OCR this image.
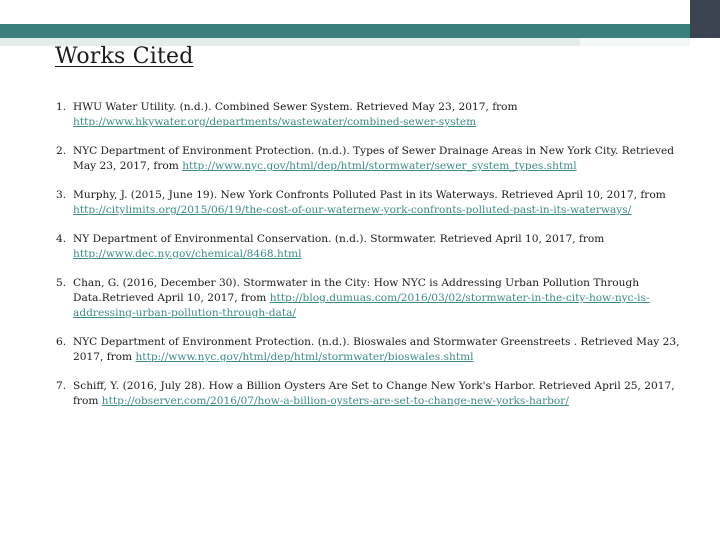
Works Cited
1. HWU Water Utility. (n.d.). Combined Sewer System. Retrieved May 23, 2017, from http://www.hkywater.org/departments/wastewater/combined-sewer-system
2. NYC Department of Environment Protection. (n.d.). Types of Sewer Drainage Areas in New York City. Retrieved May 23, 2017, from http://www.nyc.gov/html/dep/html/stormwater/sewer_system_types.shtml
3. Murphy, J. (2015, June 19). New York Confronts Polluted Past in its Waterways. Retrieved April 10, 2017, from http://citylimits.org/2015/06/19/the-cost-of-our-waternew-york-confronts-polluted-past-in-its-waterways/
4. NY Department of Environmental Conservation. (n.d.). Stormwater. Retrieved April 10, 2017, from http://www.dec.ny.gov/chemical/8468.html
5. Chan, G. (2016, December 30). Stormwater in the City: How NYC is Addressing Urban Pollution Through Data.Retrieved April 10, 2017, from http://blog.dumuas.com/2016/03/02/stormwater-in-the-city-how-nyc-is-addressing-urban-pollution-through-data/
6. NYC Department of Environment Protection. (n.d.). Bioswales and Stormwater Greenstreets . Retrieved May 23, 2017, from http://www.nyc.gov/html/dep/html/stormwater/bioswales.shtml
7. Schiff, Y. (2016, July 28). How a Billion Oysters Are Set to Change New York's Harbor. Retrieved April 25, 2017, from http://observer.com/2016/07/how-a-billion-oysters-are-set-to-change-new-yorks-harbor/
